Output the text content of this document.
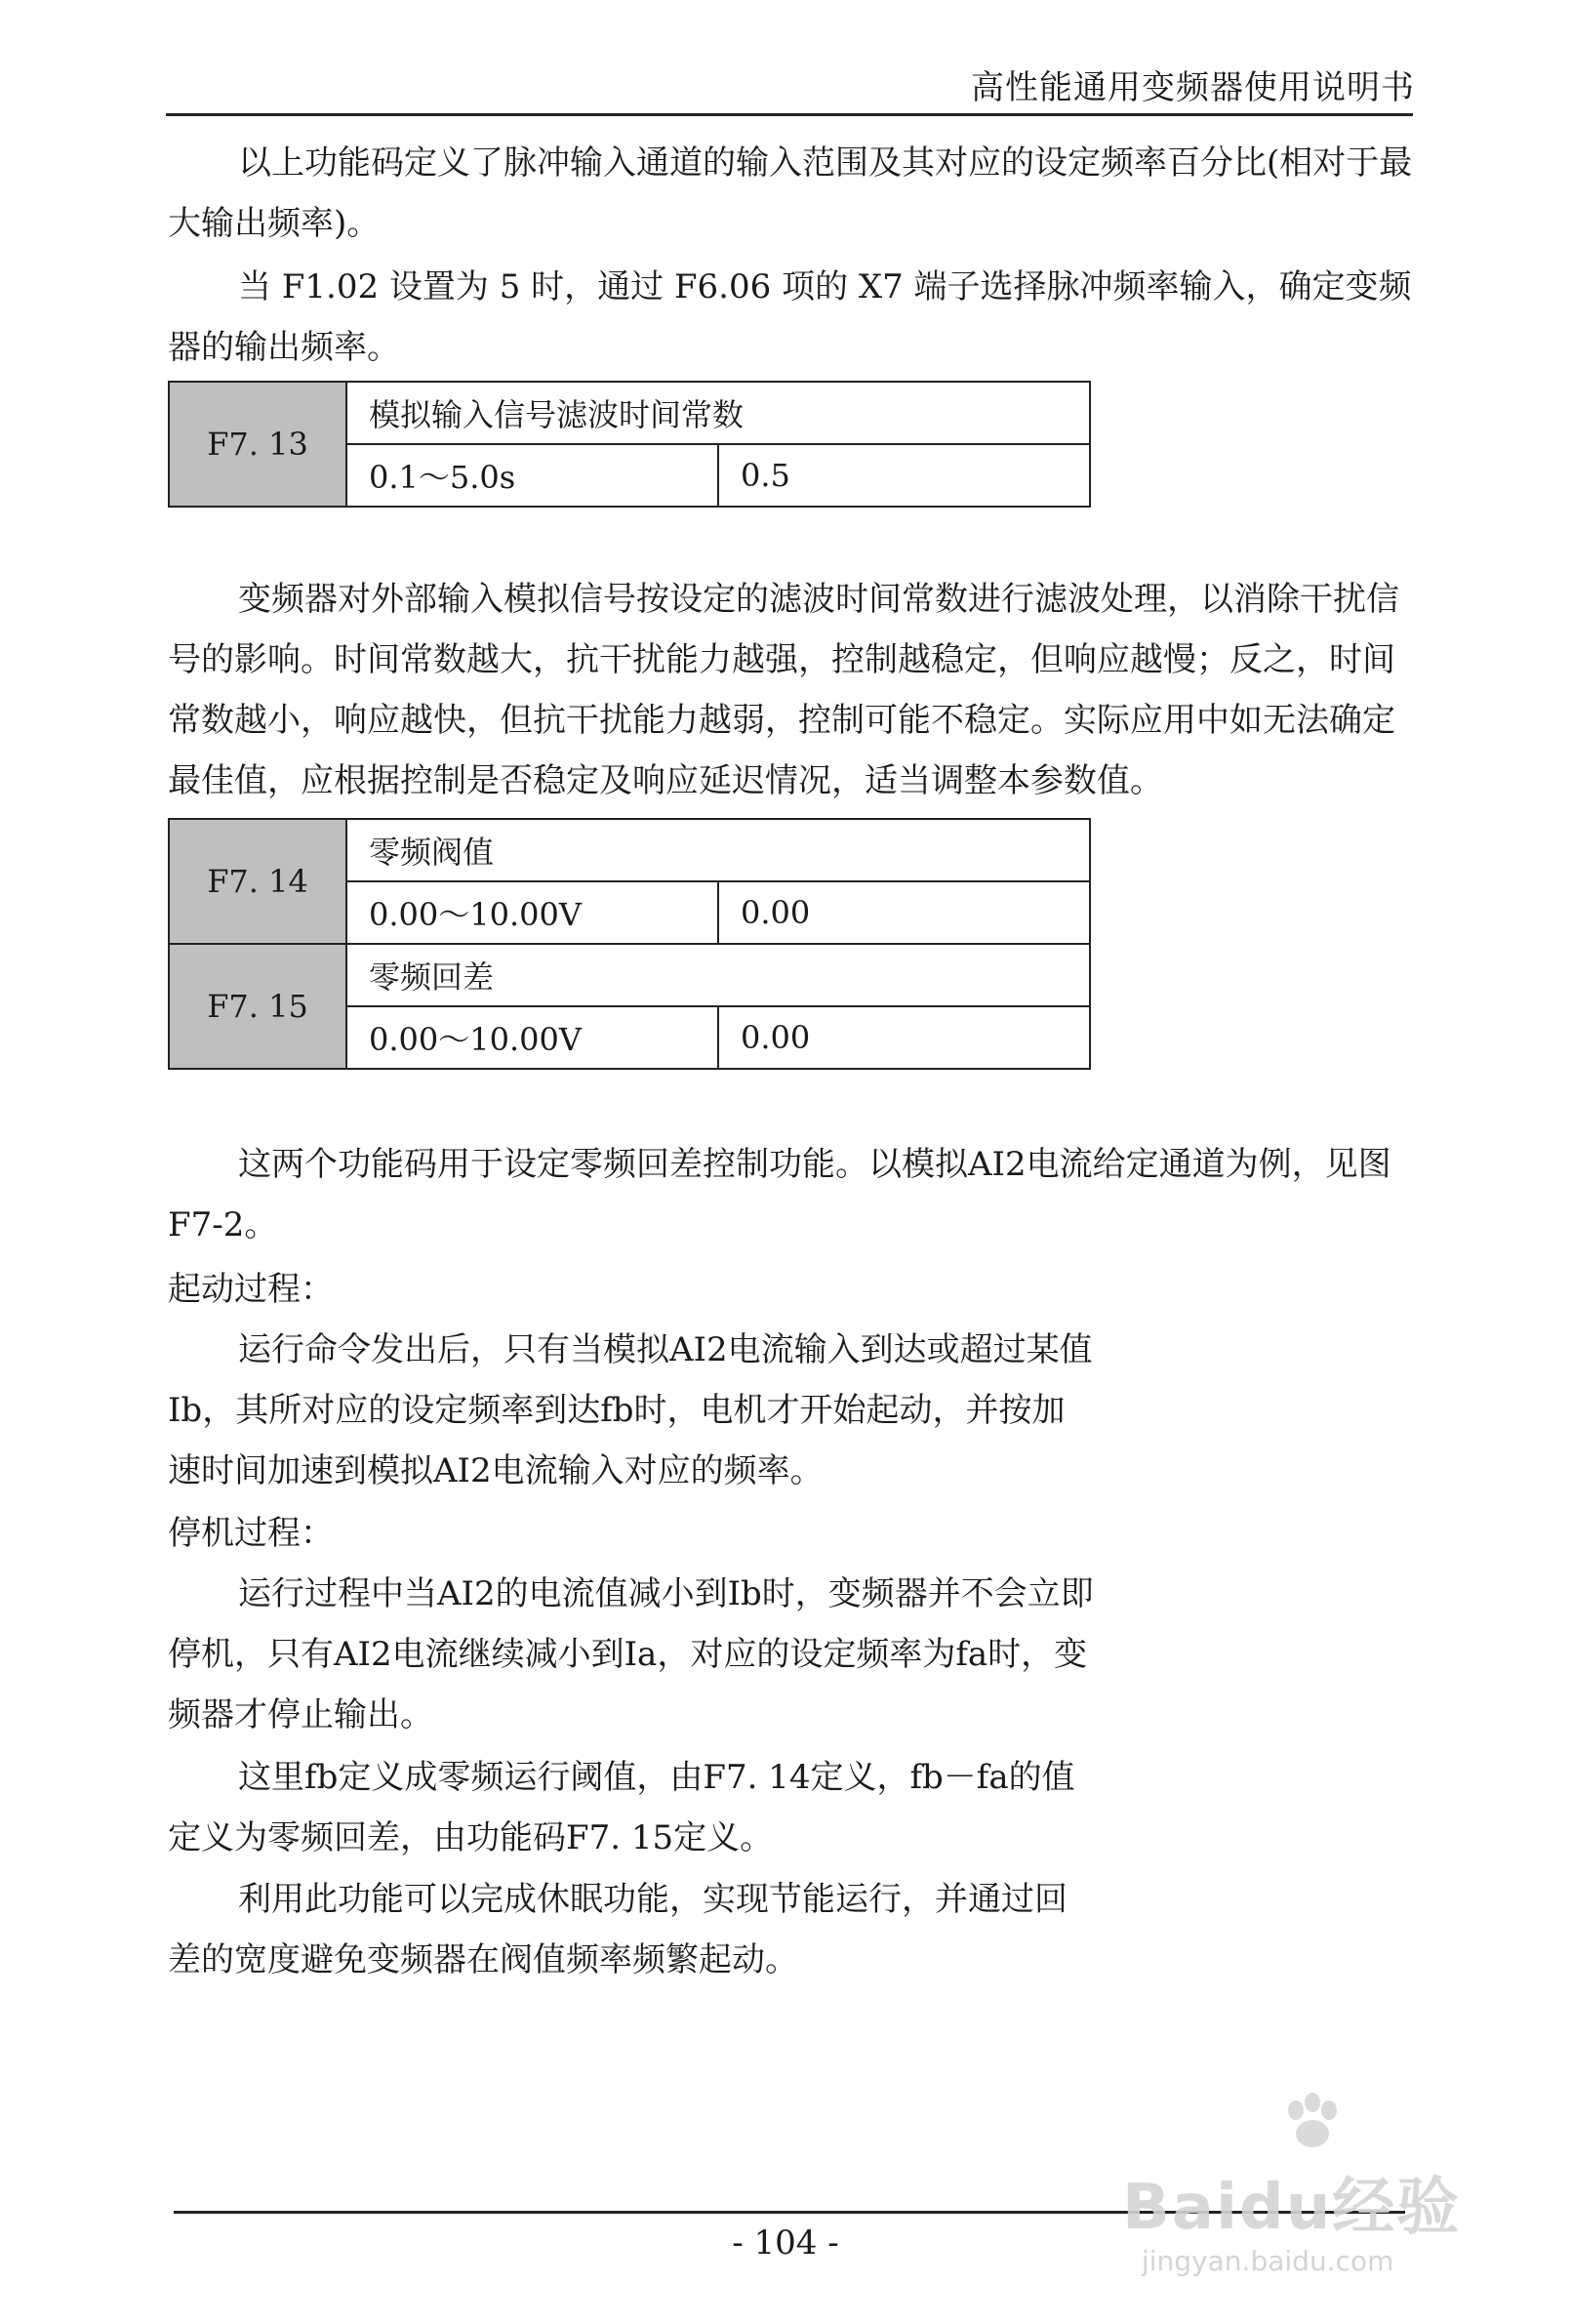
高性能通用变频器使用说明书

以上功能码定义了脉冲输入通道的输入范围及其对应的设定频率百分比(相对于最大输出频率)。

当 F1.02 设置为 5 时，通过 F6.06 项的 X7 端子选择脉冲频率输入，确定变频器的输出频率。

F7. 13	模拟输入信号滤波时间常数	
	0.1～5.0s	0.5

变频器对外部输入模拟信号按设定的滤波时间常数进行滤波处理，以消除干扰信号的影响。时间常数越大，抗干扰能力越强，控制越稳定，但响应越慢；反之，时间常数越小，响应越快，但抗干扰能力越弱，控制可能不稳定。实际应用中如无法确定最佳值，应根据控制是否稳定及响应延迟情况，适当调整本参数值。

F7. 14	零频阀值	
	0.00～10.00V	0.00
F7. 15	零频回差	
	0.00～10.00V	0.00

这两个功能码用于设定零频回差控制功能。以模拟AI2电流给定通道为例，见图F7-2。

起动过程：

运行命令发出后，只有当模拟AI2电流输入到达或超过某值Ib，其所对应的设定频率到达fb时，电机才开始起动，并按加速时间加速到模拟AI2电流输入对应的频率。

停机过程：

运行过程中当AI2的电流值减小到Ib时，变频器并不会立即停机，只有AI2电流继续减小到Ia，对应的设定频率为fa时，变频器才停止输出。

这里fb定义成零频运行阈值，由F7. 14定义，fb－fa的值定义为零频回差，由功能码F7. 15定义。

利用此功能可以完成休眠功能，实现节能运行，并通过回差的宽度避免变频器在阀值频率频繁起动。

- 104 -	Baidu经验
jingyan.baidu.com
